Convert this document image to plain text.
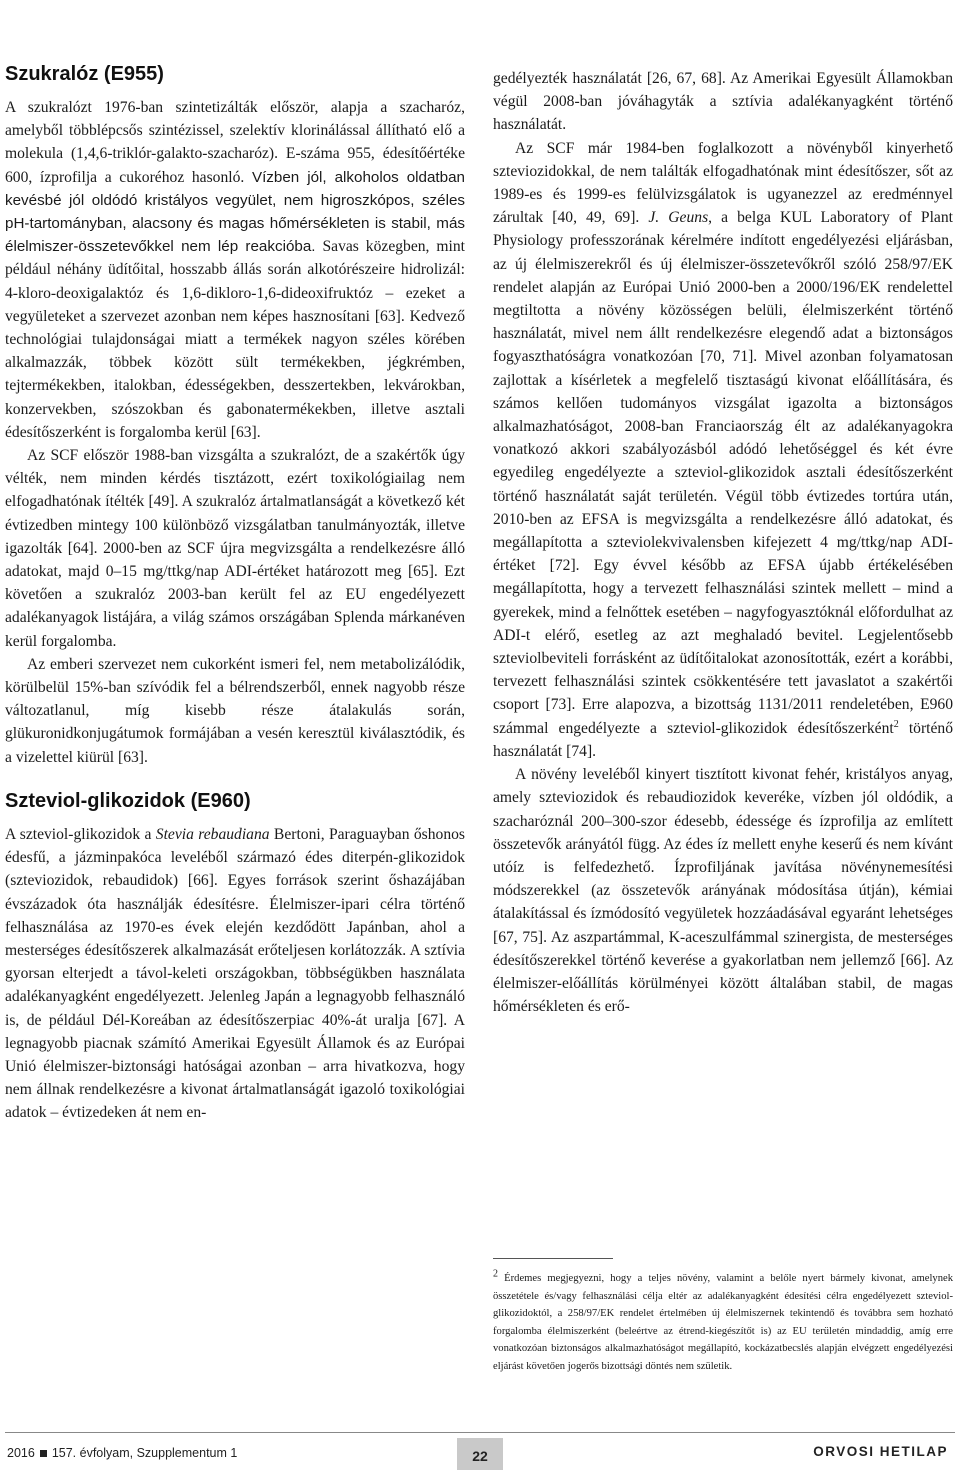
Szukralóz (E955)

A szukralózt 1976-ban szintetizálták először, alapja a szacharóz, amelyből többlépcsős szintézissel, szelektív klorinálással állítható elő a molekula (1,4,6-triklór-galakto-szacharóz). E-száma 955, édesítőértéke 600, ízprofilja a cukoréhoz hasonló. Vízben jól, alkoholos oldatban kevésbé jól oldódó kristályos vegyület, nem higroszkópos, széles pH-tartományban, alacsony és magas hőmérsékleten is stabil, más élelmiszer-összetevőkkel nem lép reakcióba. Savas közegben, mint például néhány üdítőital, hosszabb állás során alkotórészeire hidrolizál: 4-kloro-deoxigalaktóz és 1,6-dikloro-1,6-dideoxifruktóz – ezeket a vegyületeket a szervezet azonban nem képes hasznosítani [63]. Kedvező technológiai tulajdonságai miatt a termékek nagyon széles körében alkalmazzák, többek között sült termékekben, jégkrémben, tejtermékekben, italokban, édességekben, desszertekben, lekvárokban, konzervekben, szószokban és gabonatermékekben, illetve asztali édesítőszerként is forgalomba kerül [63].

Az SCF először 1988-ban vizsgálta a szukralózt, de a szakértők úgy vélték, nem minden kérdés tisztázott, ezért toxikológiailag nem elfogadhatónak ítélték [49]. A szukralóz ártalmatlanságát a következő két évtizedben mintegy 100 különböző vizsgálatban tanulmányozták, illetve igazolták [64]. 2000-ben az SCF újra megvizsgálta a rendelkezésre álló adatokat, majd 0–15 mg/ttkg/nap ADI-értéket határozott meg [65]. Ezt követően a szukralóz 2003-ban került fel az EU engedélyezett adalékanyagok listájára, a világ számos országában Splenda márkanéven kerül forgalomba.

Az emberi szervezet nem cukorként ismeri fel, nem metabolizálódik, körülbelül 15%-ban szívódik fel a bélrendszerből, ennek nagyobb része változatlanul, míg kisebb része átalakulás során, glükuronidkonjugátumok formájában a vesén keresztül kiválasztódik, és a vizelettel kiürül [63].

Szteviol-glikozidok (E960)

A szteviol-glikozidok a Stevia rebaudiana Bertoni, Paraguayban őshonos édesfű, a jázminpakóca leveléből származó édes diterpén-glikozidok (szteviozidok, rebaudidok) [66]. Egyes források szerint őshazájában évszázadok óta használják édesítésre. Élelmiszer-ipari célra történő felhasználása az 1970-es évek elején kezdődött Japánban, ahol a mesterséges édesítőszerek alkalmazását erőteljesen korlátozzák. A sztívia gyorsan elterjedt a távol-keleti országokban, többségükben használata adalékanyagként engedélyezett. Jelenleg Japán a legnagyobb felhasználó is, de például Dél-Koreában az édesítőszerpiac 40%-át uralja [67]. A legnagyobb piacnak számító Amerikai Egyesült Államok és az Európai Unió élelmiszer-biztonsági hatóságai azonban – arra hivatkozva, hogy nem állnak rendelkezésre a kivonat ártalmatlanságát igazoló toxikológiai adatok – évtizedeken át nem en-

gedélyezték használatát [26, 67, 68]. Az Amerikai Egyesült Államokban végül 2008-ban jóváhagyták a sztívia adalékanyagként történő használatát.

Az SCF már 1984-ben foglalkozott a növényből kinyerhető szteviozidokkal, de nem találták elfogadhatónak mint édesítőszer, sőt az 1989-es és 1999-es felülvizsgálatok is ugyanezzel az eredménnyel zárultak [40, 49, 69]. J. Geuns, a belga KUL Laboratory of Plant Physiology professzorának kérelmére indított engedélyezési eljárásban, az új élelmiszerekről és új élelmiszer-összetevőkről szóló 258/97/EK rendelet alapján az Európai Unió 2000-ben a 2000/196/EK rendelettel megtiltotta a növény közösségen belüli, élelmiszerként történő használatát, mivel nem állt rendelkezésre elegendő adat a biztonságos fogyaszthatóságra vonatkozóan [70, 71]. Mivel azonban folyamatosan zajlottak a kísérletek a megfelelő tisztaságú kivonat előállítására, és számos kellően tudományos vizsgálat igazolta a biztonságos alkalmazhatóságot, 2008-ban Franciaország élt az adalékanyagokra vonatkozó akkori szabályozásból adódó lehetőséggel és két évre egyedileg engedélyezte a szteviol-glikozidok asztali édesítőszerként történő használatát saját területén. Végül több évtizedes tortúra után, 2010-ben az EFSA is megvizsgálta a rendelkezésre álló adatokat, és megállapította a szteviolekvivalensben kifejezett 4 mg/ttkg/nap ADI-értéket [72]. Egy évvel később az EFSA újabb értékelésében megállapította, hogy a tervezett felhasználási szintek mellett – mind a gyerekek, mind a felnőttek esetében – nagyfogyasztóknál előfordulhat az ADI-t elérő, esetleg az azt meghaladó bevitel. Legjelentősebb szteviolbeviteli forrásként az üdítőitalokat azonosították, ezért a korábbi, tervezett felhasználási szintek csökkentésére tett javaslatot a szakértői csoport [73]. Erre alapozva, a bizottság 1131/2011 rendeletében, E960 számmal engedélyezte a szteviol-glikozidok édesítőszerként$^2$ történő használatát [74].

A növény leveléből kinyert tisztított kivonat fehér, kristályos anyag, amely szteviozidok és rebaudiozidok keveréke, vízben jól oldódik, a szacharóznál 200–300-szor édesebb, édessége és ízprofilja az említett összetevők arányától függ. Az édes íz mellett enyhe keserű és nem kívánt utóíz is felfedezhető. Ízprofiljának javítása növénynemesítési módszerekkel (az összetevők arányának módosítása útján), kémiai átalakítással és ízmódosító vegyületek hozzáadásával egyaránt lehetséges [67, 75]. Az aszpartámmal, K-aceszulfámmal szinergista, de mesterséges édesítőszerekkel történő keverése a gyakorlatban nem jellemző [66]. Az élelmiszer-előállítás körülményei között általában stabil, de magas hőmérsékleten és erő-

$^2$ Érdemes megjegyezni, hogy a teljes növény, valamint a belőle nyert bármely kivonat, amelynek összetétele és/vagy felhasználási célja eltér az adalékanyagként édesítési célra engedélyezett szteviol-glikozidoktól, a 258/97/EK rendelet értelmében új élelmiszernek tekintendő és továbbra sem hozható forgalomba élelmiszerként (beleértve az étrend-kiegészítőt is) az EU területén mindaddig, amíg erre vonatkozóan biztonságos alkalmazhatóságot megállapító, kockázatbecslés alapján elvégzett engedélyezési eljárást követően jogerős bizottsági döntés nem születik.
2016 157. évfolyam, Szupplementum 1	22	ORVOSI HETILAP
